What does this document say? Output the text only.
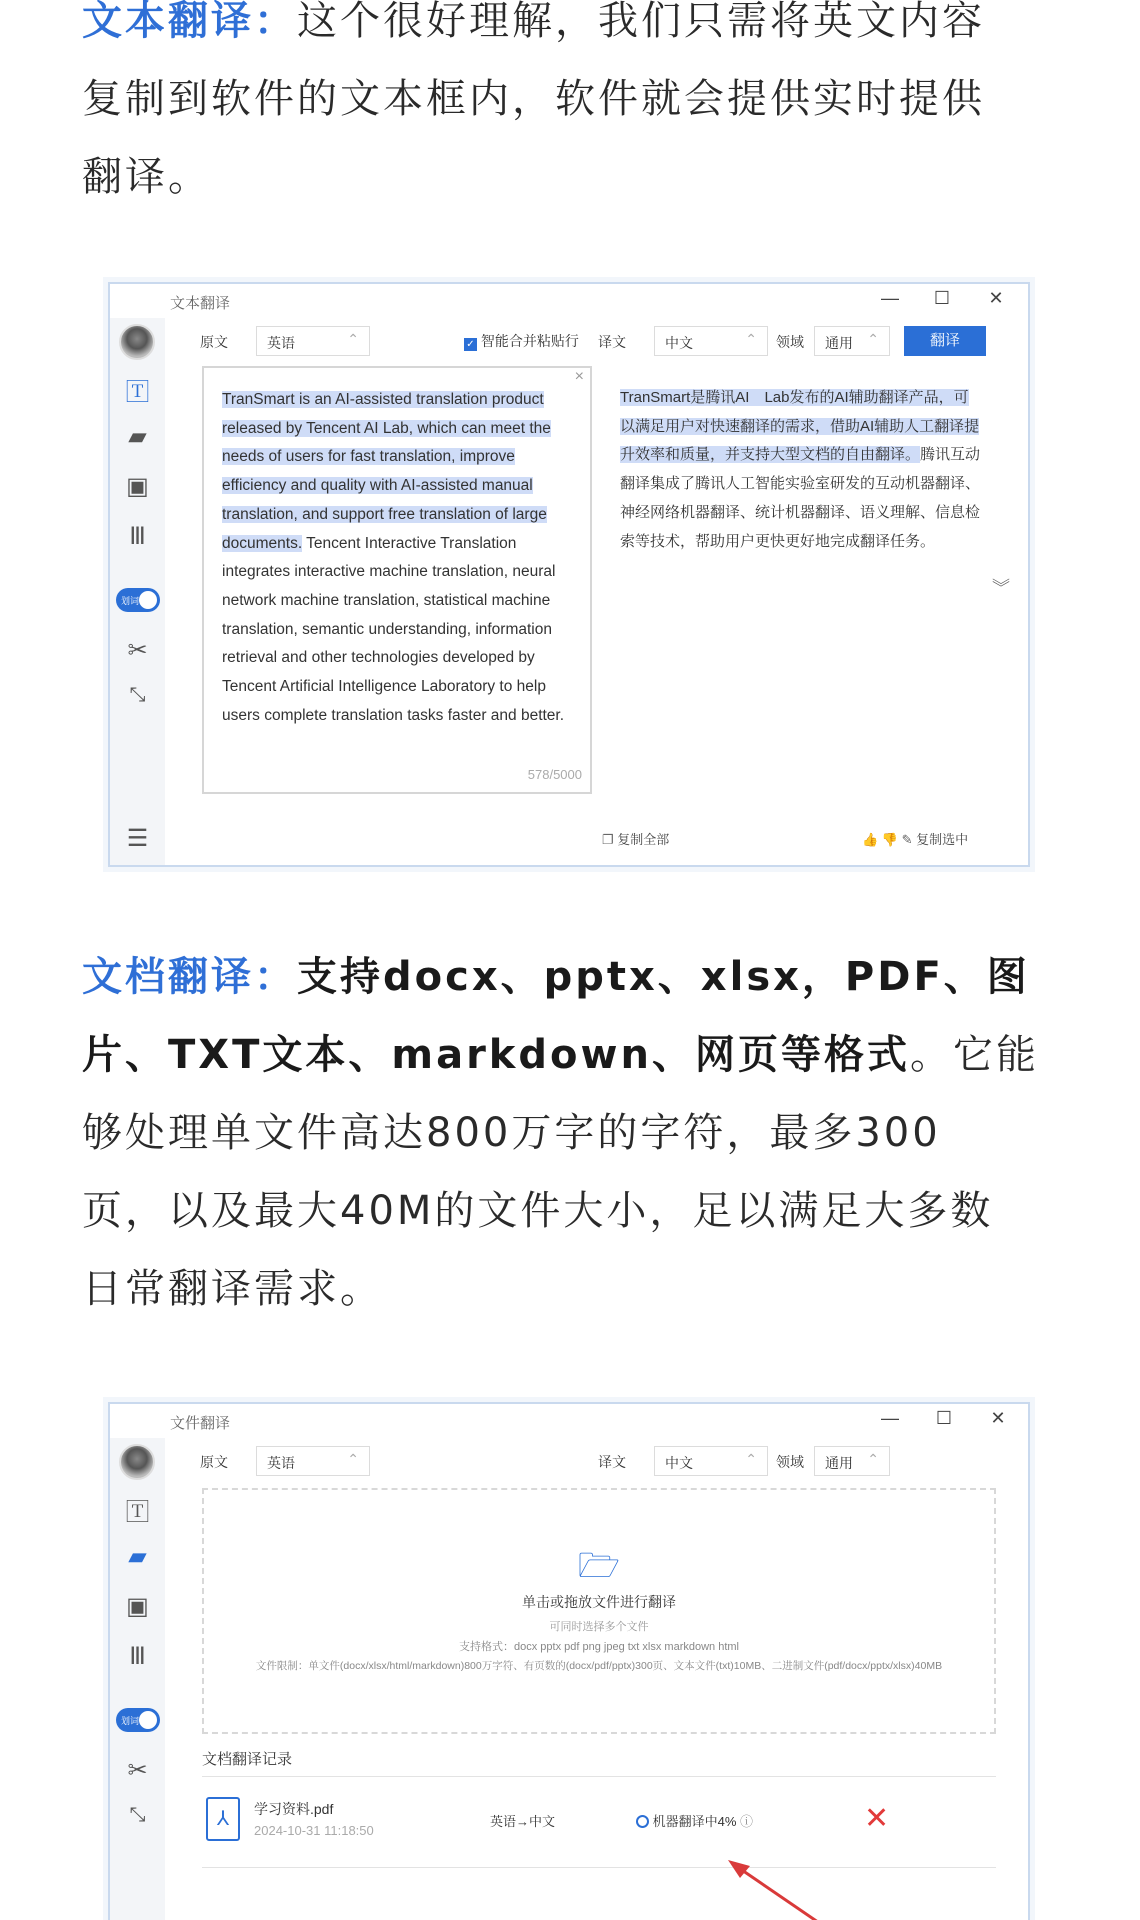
文本翻译：这个很好理解，我们只需将英文内容
复制到软件的文本框内，软件就会提供实时提供
翻译。
文本翻译	—	☐	✕
🅃
▰
▣
Ⅲ
划词
✂
⤡
☰
原文	英语	⌃	✓ 智能合并粘贴行 译文	中文	⌃ 领域	通用 ⌃	翻译
×
TranSmart is an AI-assisted translation product released by Tencent AI Lab, which can meet the needs of users for fast translation, improve efficiency and quality with AI-assisted manual translation, and support free translation of large documents. Tencent Interactive Translation integrates interactive machine translation, neural network machine translation, statistical machine translation, semantic understanding, information retrieval and other technologies developed by Tencent Artificial Intelligence Laboratory to help users complete translation tasks faster and better.
578/5000
TranSmart是腾讯AI　Lab发布的AI辅助翻译产品，可以满足用户对快速翻译的需求，借助AI辅助人工翻译提升效率和质量，并支持大型文档的自由翻译。腾讯互动翻译集成了腾讯人工智能实验室研发的互动机器翻译、神经网络机器翻译、统计机器翻译、语义理解、信息检索等技术，帮助用户更快更好地完成翻译任务。
︾
❐ 复制全部	👍 👎 ✎ 复制选中
文档翻译：支持docx、pptx、xlsx，PDF、图
片、TXT文本、markdown、网页等格式。它能
够处理单文件高达800万字的字符，最多300
页，以及最大40M的文件大小，足以满足大多数
日常翻译需求。
文件翻译	—	☐	✕
🅃
▰
▣
Ⅲ
划词
✂
⤡
原文	英语	⌃	译文	中文	⌃ 领域	通用 ⌃
🗁
单击或拖放文件进行翻译
可同时选择多个文件
支持格式：docx pptx pdf png jpeg txt xlsx markdown html
文件限制：单文件(docx/xlsx/html/markdown)800万字符、有页数的(docx/pdf/pptx)300页、文本文件(txt)10MB、二进制文件(pdf/docx/pptx/xlsx)40MB
文档翻译记录
⅄	学习资料.pdf
2024-10-31 11:18:50
英语→中文	机器翻译中4% ⓘ	✕
